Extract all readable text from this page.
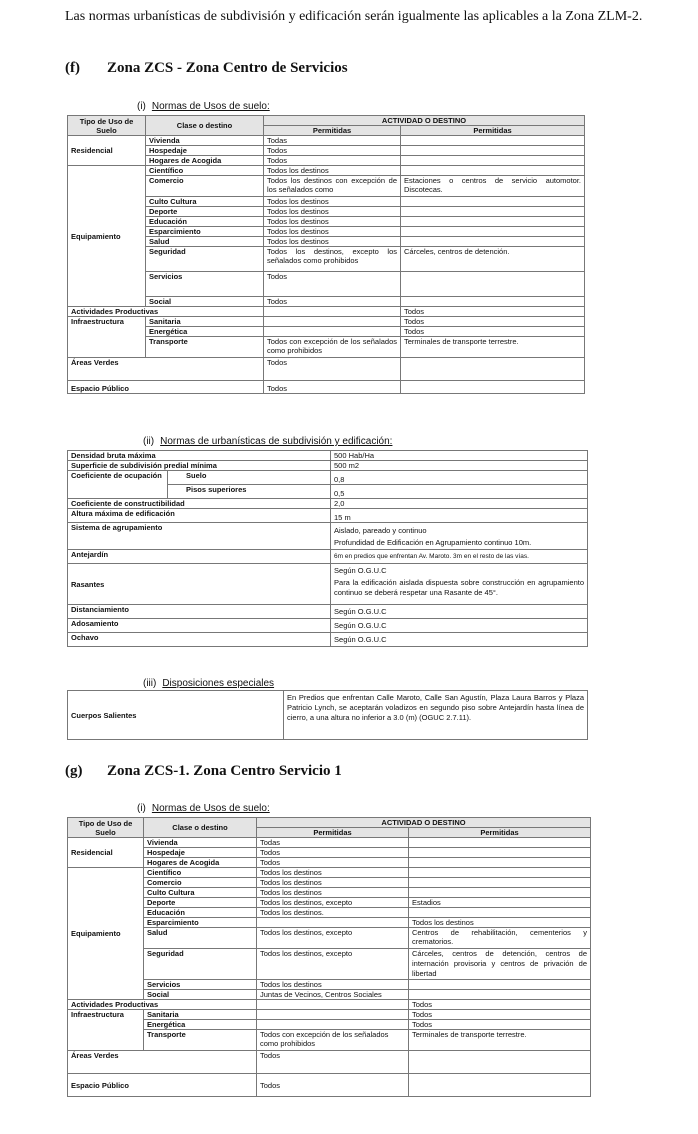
Las normas urbanísticas de subdivisión y edificación serán igualmente las aplicables a la Zona ZLM-2.
(f) Zona ZCS - Zona Centro de Servicios
(i) Normas de Usos de suelo:
Tipo de Uso de Suelo	Clase o destino	ACTIVIDAD O DESTINO	
		Permitidas	Permitidas
Residencial	Vivienda	Todas	
	Hospedaje	Todos	
	Hogares de Acogida	Todos	
Equipamiento	Científico	Todos los destinos	
	Comercio	Todos los destinos con excepción de los señalados como	Estaciones o centros de servicio automotor. Discotecas.
	Culto Cultura	Todos los destinos	
	Deporte	Todos los destinos	
	Educación	Todos los destinos	
	Esparcimiento	Todos los destinos	
	Salud	Todos los destinos	
	Seguridad	Todos los destinos, excepto los señalados como prohibidos	Cárceles, centros de detención.
	Servicios	Todos	
	Social	Todos	
Actividades Productivas			Todos
Infraestructura	Sanitaria		Todos
	Energética		Todos
	Transporte	Todos con excepción de los señalados como prohibidos	Terminales de transporte terrestre.
Áreas Verdes		Todos	
Espacio Público		Todos	
(ii) Normas de urbanísticas de subdivisión y edificación:
Densidad bruta máxima		500 Hab/Ha
Superficie de subdivisión predial mínima		500 m2
Coeficiente de ocupación	Suelo	0,8
	Pisos superiores	0,5
Coeficiente de constructibilidad		2,0
Altura máxima de edificación		15 m
Sistema de agrupamiento		Aislado, pareado y continuo
Profundidad de Edificación en Agrupamiento continuo 10m.

Antejardín		6m en predios que enfrentan Av. Maroto. 3m en el resto de las vías.
Rasantes		Según O.G.U.C
Para la edificación aislada dispuesta sobre construcción en agrupamiento continuo se deberá respetar una Rasante de 45°.

Distanciamiento		Según O.G.U.C
Adosamiento		Según O.G.U.C
Ochavo		Según O.G.U.C
(iii) Disposiciones especiales
Cuerpos Salientes	En Predios que enfrentan Calle Maroto, Calle San Agustín, Plaza Laura Barros y Plaza Patricio Lynch, se aceptarán voladizos en segundo piso sobre Antejardín hasta línea de cierro, a una altura no inferior a 3.0 (m) (OGUC 2.7.11).
(g) Zona ZCS-1. Zona Centro Servicio 1
(i) Normas de Usos de suelo:
Tipo de Uso de Suelo	Clase o destino	ACTIVIDAD O DESTINO	
		Permitidas	Permitidas
Residencial	Vivienda	Todas	
	Hospedaje	Todos	
	Hogares de Acogida	Todos	
Equipamiento	Científico	Todos los destinos	
	Comercio	Todos los destinos	
	Culto Cultura	Todos los destinos	
	Deporte	Todos los destinos, excepto	Estadios
	Educación	Todos los destinos.	
	Esparcimiento		Todos los destinos
	Salud	Todos los destinos, excepto	Centros de rehabilitación, cementerios y crematorios.
	Seguridad	Todos los destinos, excepto	Cárceles, centros de detención, centros de internación provisoria y centros de privación de libertad
	Servicios	Todos los destinos	
	Social	Juntas de Vecinos, Centros Sociales	
Actividades Productivas			Todos
Infraestructura	Sanitaria		Todos
	Energética		Todos
	Transporte	Todos con excepción de los señalados como prohibidos	Terminales de transporte terrestre.
Áreas Verdes		Todos	
Espacio Público		Todos	
